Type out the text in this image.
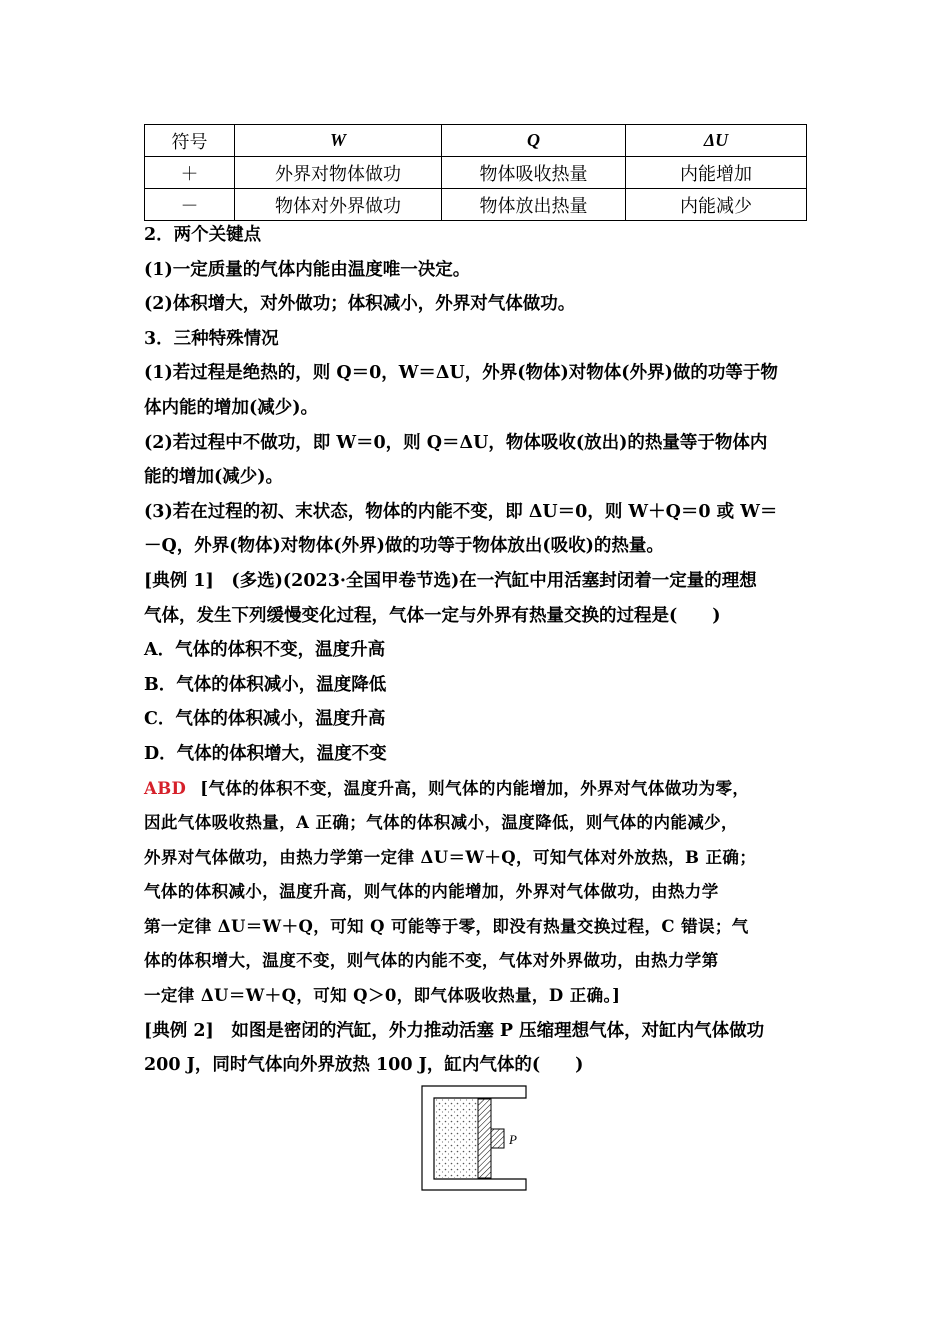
符号	W	Q	ΔU
＋	外界对物体做功	物体吸收热量	内能增加
－	物体对外界做功	物体放出热量	内能减少

2．两个关键点

(1)一定质量的气体内能由温度唯一决定。

(2)体积增大，对外做功；体积减小，外界对气体做功。

3．三种特殊情况

(1)若过程是绝热的，则 Q＝0，W＝ΔU，外界(物体)对物体(外界)做的功等于物

体内能的增加(减少)。

(2)若过程中不做功，即 W＝0，则 Q＝ΔU，物体吸收(放出)的热量等于物体内

能的增加(减少)。

(3)若在过程的初、末状态，物体的内能不变，即 ΔU＝0，则 W＋Q＝0 或 W＝

－Q，外界(物体)对物体(外界)做的功等于物体放出(吸收)的热量。

[典例 1]　(多选)(2023·全国甲卷节选)在一汽缸中用活塞封闭着一定量的理想

气体，发生下列缓慢变化过程，气体一定与外界有热量交换的过程是(　　)

A．气体的体积不变，温度升高

B．气体的体积减小，温度降低

C．气体的体积减小，温度升高

D．气体的体积增大，温度不变

ABD [气体的体积不变，温度升高，则气体的内能增加，外界对气体做功为零，

因此气体吸收热量，A 正确；气体的体积减小，温度降低，则气体的内能减少，

外界对气体做功，由热力学第一定律 ΔU＝W＋Q，可知气体对外放热，B 正确；

气体的体积减小，温度升高，则气体的内能增加，外界对气体做功，由热力学

第一定律 ΔU＝W＋Q，可知 Q 可能等于零，即没有热量交换过程，C 错误；气

体的体积增大，温度不变，则气体的内能不变，气体对外界做功，由热力学第

一定律 ΔU＝W＋Q，可知 Q＞0，即气体吸收热量，D 正确。]

[典例 2]　如图是密闭的汽缸，外力推动活塞 P 压缩理想气体，对缸内气体做功

200 J，同时气体向外界放热 100 J，缸内气体的(　　)

P
